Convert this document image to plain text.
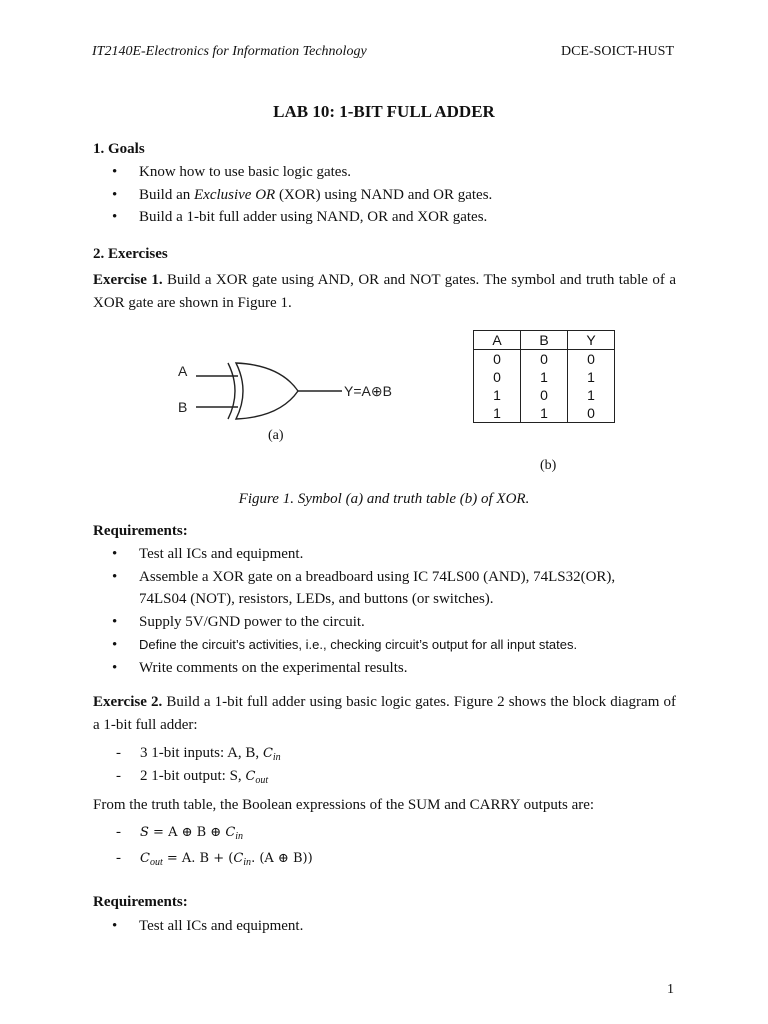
IT2140E-Electronics for Information Technology	DCE-SOICT-HUST
LAB 10: 1-BIT FULL ADDER
1. Goals
• Know how to use basic logic gates.
• Build an Exclusive OR (XOR) using NAND and OR gates.
• Build a 1-bit full adder using NAND, OR and XOR gates.
2. Exercises
Exercise 1. Build a XOR gate using AND, OR and NOT gates. The symbol and truth table of a XOR gate are shown in Figure 1.
A
B
Y=A⊕B
(a)
A	B	Y
0	0	0
0	1	1
1	0	1
1	1	0
(b)
Figure 1. Symbol (a) and truth table (b) of XOR.
Requirements:
• Test all ICs and equipment.
• Assemble a XOR gate on a breadboard using IC 74LS00 (AND), 74LS32(OR),
74LS04 (NOT), resistors, LEDs, and buttons (or switches).
• Supply 5V/GND power to the circuit.
• Define the circuit’s activities, i.e., checking circuit’s output for all input states.
• Write comments on the experimental results.
Exercise 2. Build a 1-bit full adder using basic logic gates. Figure 2 shows the block diagram of a 1-bit full adder:
- 3 1-bit inputs: A, B, $C_{in}$
- 2 1-bit output: S, $C_{out}$
From the truth table, the Boolean expressions of the SUM and CARRY outputs are:
- S = A ⊕ B ⊕ $C_{in}$
- $C_{out} = A$. $B + (C_{in}$. (A ⊕ B))
Requirements:
• Test all ICs and equipment.
1
